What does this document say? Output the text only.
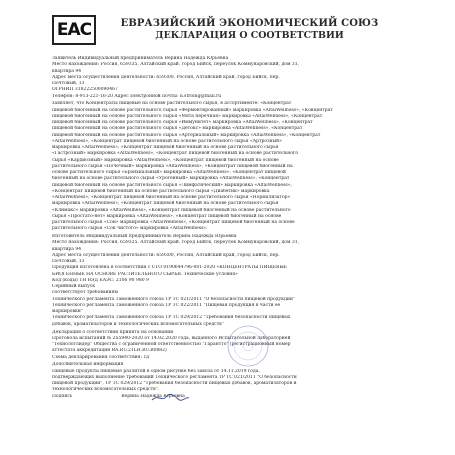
EAC	ЕВРАЗИЙСКИЙ ЭКОНОМИЧЕСКИЙ СОЮЗ
ДЕКЛАРАЦИЯ О СООТВЕТСТВИИ
Заявитель Индивидуальный предприниматель Верина Надежда Юрьевна
Место нахождения: Россия, 659335, Алтайский край, город Бийск, переулок Коммунаровский, дом 31,
квартира 94
Адрес места осуществления деятельности: 659300, Россия, Алтайский край, город Бийск, пер.
Почтовый, 13
ОГРНИП 318222500090467
Телефон: 8-913-221-16-20 Адрес электронной почты: n.stroing@mail.ru
заявляет, что Концентраты пищевые на основе растительного сырья, в ассортименте: «Концентрат
пищевой биогенный на основе растительного сырья «Ферментированный» маркировка «AltaiWellness», «Концентрат
пищевой биогенный на основе растительного сырья «Мята перечная» маркировка «AltaiWellness», «Концентрат
пищевой биогенный на основе растительного сырья «Иммунитет» маркировка «AltaiWellness», «Концентрат
пищевой биогенный на основе растительного сырья «Детокс» маркировка «AltaiWellness», «Концентрат
пищевой биогенный на основе растительного сырья «Артериальный» маркировка «AltaiWellness», «Концентрат
«AltaiWellness», «Концентрат пищевой биогенный на основе растительного сырья «Артрозный»
маркировка «AltaiWellness», «Концентрат пищевой биогенный на основе растительного сырья
«Гастрозный» маркировка «AltaiWellness», «Концентрат пищевой биогенный на основе растительного
сырья «Кардиозный» маркировка «AltaiWellness», «Концентрат пищевой биогенный на основе
растительного сырья «Почечный» маркировка «AltaiWellness», «Концентрат пищевой биогенный на
основе растительного сырья «Бронхиальный» маркировка «AltaiWellness», «Концентрат пищевой
биогенный на основе растительного сырья «Урогенный» маркировка «AltaiWellness», «Концентрат
пищевой биогенный на основе растительного сырья «Лимфатический» маркировка «AltaiWellness»,
«Концентрат пищевой биогенный на основе растительного сырья «Диабетик» маркировка
«AltaiWellness», «Концентрат пищевой биогенный на основе растительного сырья «Нормализатор»
маркировка «AltaiWellness», «Концентрат пищевой биогенный на основе растительного сырья
«Климакс» маркировка «AltaiWellness», «Концентрат пищевой биогенный на основе растительного
сырья «Простато-нет» маркировка «AltaiWellness», «Концентрат пищевой биогенный на основе
растительного сырья «Сон» маркировка «AltaiWellness», «Концентрат пищевой биогенный на основе
растительного сырья «Сок чистого» маркировка «AltaiWellness».
Изготовитель Индивидуальный предприниматель Верина Надежда Юрьевна
Место нахождения: Россия, 659335, Алтайский край, город Бийск, переулок Коммунаровский, дом 31,
квартира 94
Адрес места осуществления деятельности: 659300, Россия, Алтайский край, город Бийск, пер.
Почтовый, 13
Продукция изготовлена в соответствии с СТО 0190644796-001-2020 «КОНЦЕНТРАТЫ ПИЩЕВЫЕ
БИОГЕННЫЕ НА ОСНОВЕ РАСТИТЕЛЬНОГО СЫРЬЯ. Технические условия»
Код (коды) ТН ВЭД ЕАЭС: 2106 90 980 9
Серийный выпуск
соответствует требованиям
Технического регламента Таможенного союза ТР ТС 021/2011 "О безопасности пищевой продукции"
Технического регламента Таможенного союза ТР ТС 022/2011 "Пищевая продукция в части ее
маркировки"
Технического регламента Таможенного союза ТР ТС 029/2012 "Требования безопасности пищевых
добавок, ароматизаторов и технологических вспомогательных средств"
Декларация о соответствии принята на основании
Протокола испытаний № 2S5940-2020 от 14.02.2020 года, выданного Испытательной лабораторией
"Технологлидер" Общества с ограниченной ответственностью "Гарантто" (регистрационный номер
аттестата аккредитации RA.RU.21LH.RU.B0882)
Схема декларирования соответствия: 1д
Дополнительная информация
Пищевые продукты пищевые разлитой в одном рисунке без завоза от 14.11.2019 года,
подтверждающих выполнение требований Технического регламента ТР ТС 021/2011 "О безопасности
пищевой продукции", ТР ТС 029/2012 "Требования безопасности пищевых добавок, ароматизаторов и
технологических вспомогательных средств".
Подпись	Верина Надежда Юрьевна
